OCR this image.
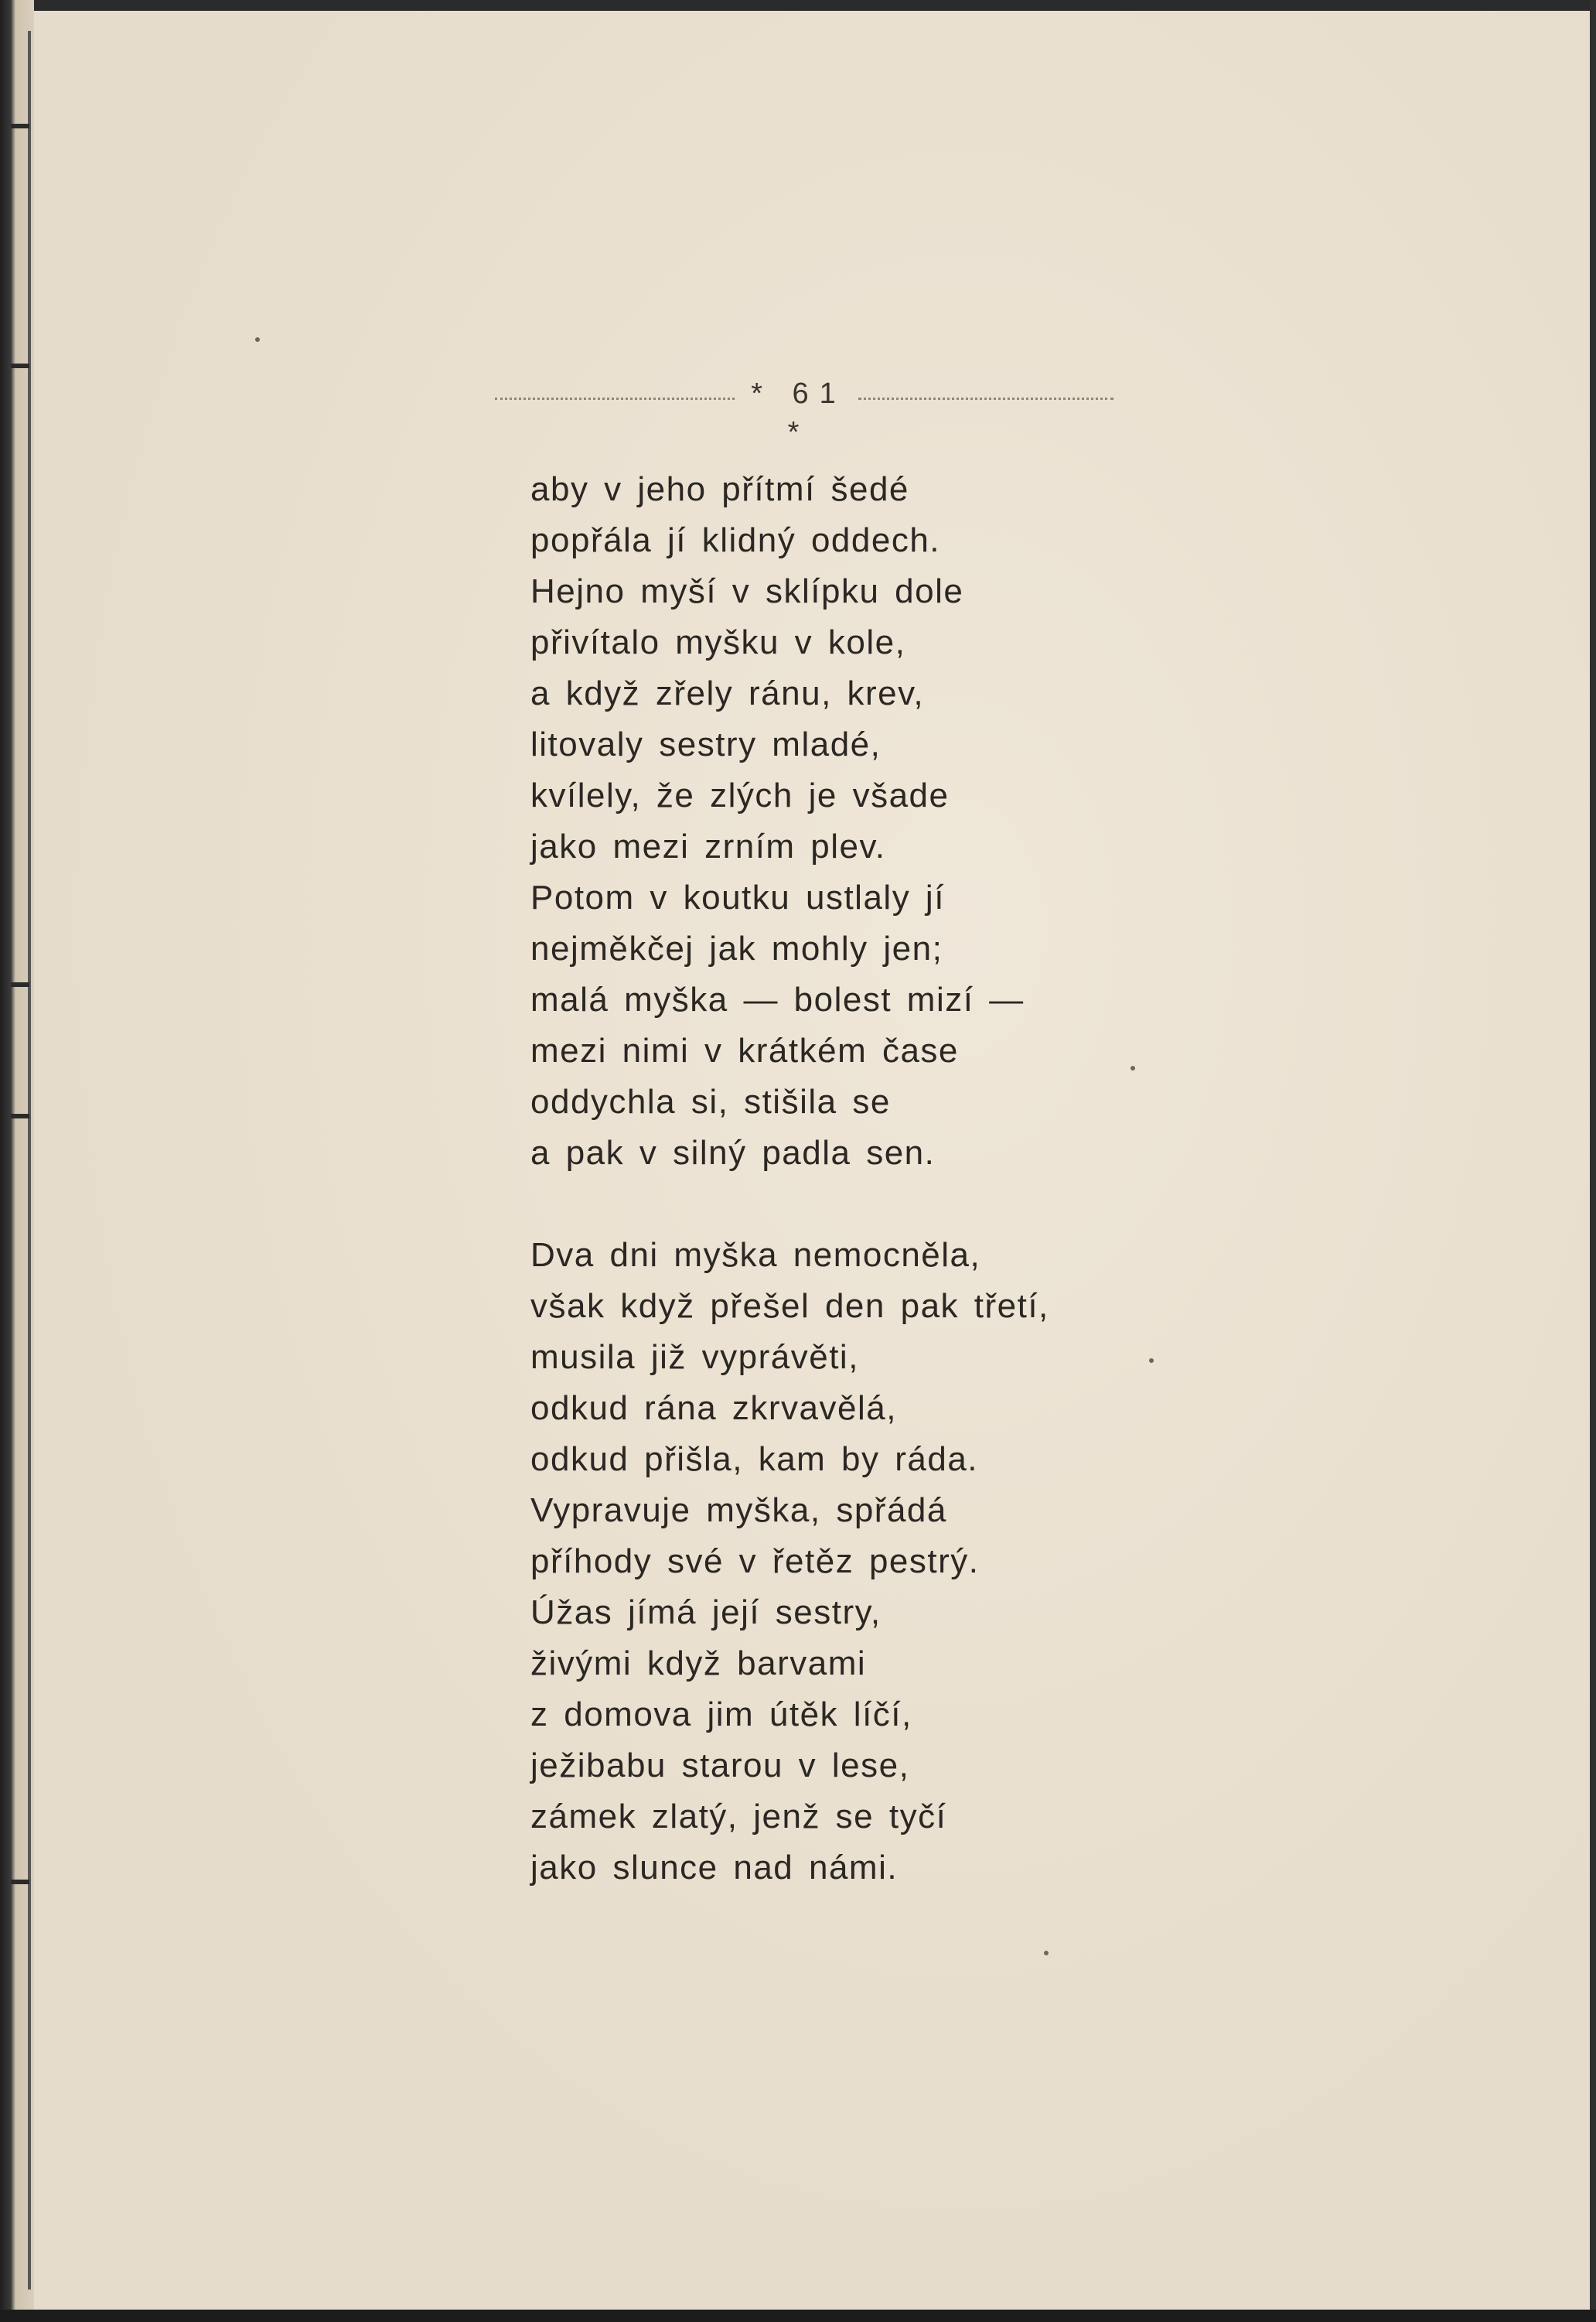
* 61 *
aby v jeho přítmí šedé
popřála jí klidný oddech.
Hejno myší v sklípku dole
přivítalo myšku v kole,
a když zřely ránu, krev,
litovaly sestry mladé,
kvílely, že zlých je všade
jako mezi zrním plev.
Potom v koutku ustlaly jí
nejměkčej jak mohly jen;
malá myška — bolest mizí —
mezi nimi v krátkém čase
oddychla si, stišila se
a pak v silný padla sen.
Dva dni myška nemocněla,
však když přešel den pak třetí,
musila již vyprávěti,
odkud rána zkrvavělá,
odkud přišla, kam by ráda.
Vypravuje myška, spřádá
příhody své v řetěz pestrý.
Úžas jímá její sestry,
živými když barvami
z domova jim útěk líčí,
ježibabu starou v lese,
zámek zlatý, jenž se tyčí
jako slunce nad námi.
